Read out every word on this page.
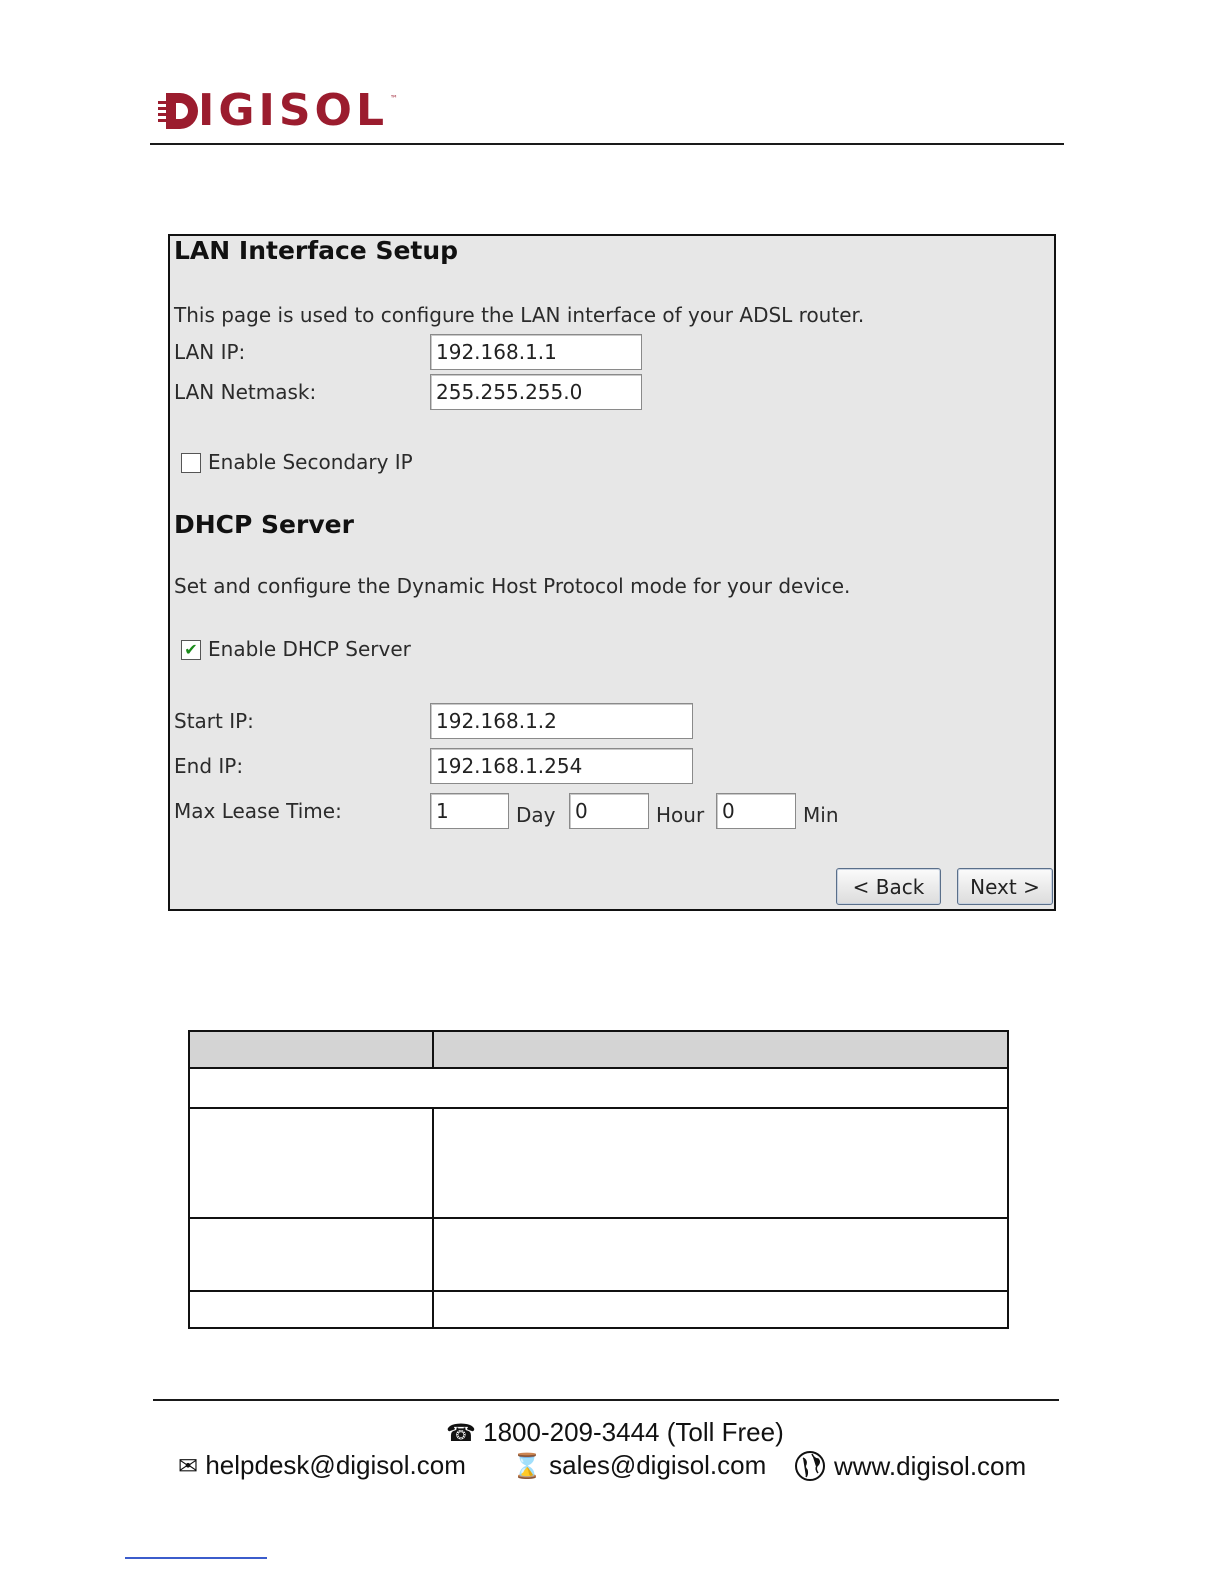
IGISOL ™
LAN Interface Setup
This page is used to configure the LAN interface of your ADSL router.
LAN IP:	192.168.1.1
LAN Netmask:	255.255.255.0
Enable Secondary IP
DHCP Server
Set and configure the Dynamic Host Protocol mode for your device.
✔ Enable DHCP Server
Start IP:	192.168.1.2
End IP:	192.168.1.254
Max Lease Time:	1	Day 0	Hour 0	Min
< Back	Next >
☎ 1800-209-3444 (Toll Free)
✉ helpdesk@digisol.com ⌛ sales@digisol.com	www.digisol.com
